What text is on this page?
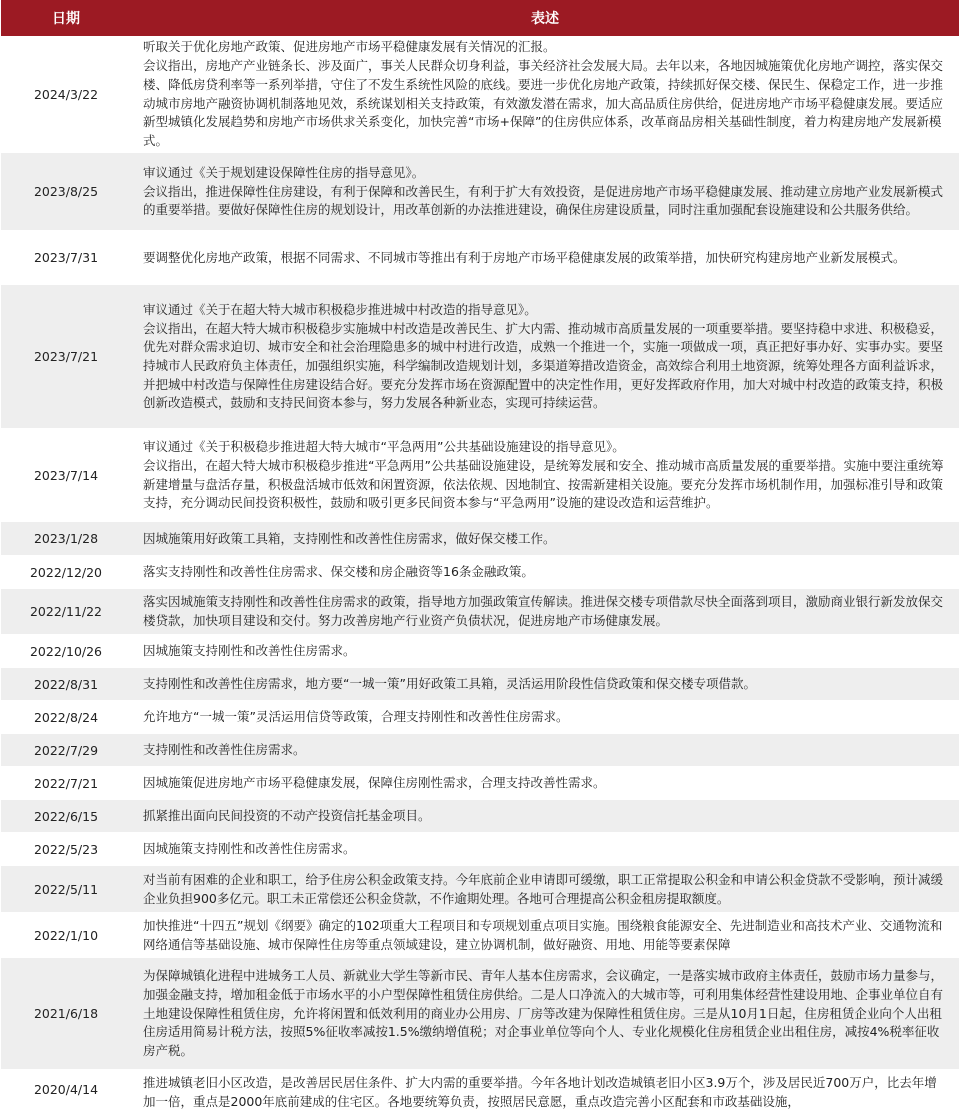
日期	表述
2024/3/22

听取关于优化房地产政策、促进房地产市场平稳健康发展有关情况的汇报。

会议指出，房地产产业链条长、涉及面广，事关人民群众切身利益，事关经济社会发展大局。去年以来，各地因城施策优化房地产调控，落实保交楼、降低房贷利率等一系列举措，守住了不发生系统性风险的底线。要进一步优化房地产政策，持续抓好保交楼、保民生、保稳定工作，进一步推动城市房地产融资协调机制落地见效，系统谋划相关支持政策，有效激发潜在需求，加大高品质住房供给，促进房地产市场平稳健康发展。要适应新型城镇化发展趋势和房地产市场供求关系变化，加快完善“市场+保障”的住房供应体系，改革商品房相关基础性制度，着力构建房地产发展新模式。

2023/8/25

审议通过《关于规划建设保障性住房的指导意见》。

会议指出，推进保障性住房建设，有利于保障和改善民生，有利于扩大有效投资，是促进房地产市场平稳健康发展、推动建立房地产业发展新模式的重要举措。要做好保障性住房的规划设计，用改革创新的办法推进建设，确保住房建设质量，同时注重加强配套设施建设和公共服务供给。

2023/7/31	要调整优化房地产政策，根据不同需求、不同城市等推出有利于房地产市场平稳健康发展的政策举措，加快研究构建房地产业新发展模式。

2023/7/21

审议通过《关于在超大特大城市积极稳步推进城中村改造的指导意见》。

会议指出，在超大特大城市积极稳步实施城中村改造是改善民生、扩大内需、推动城市高质量发展的一项重要举措。要坚持稳中求进、积极稳妥，优先对群众需求迫切、城市安全和社会治理隐患多的城中村进行改造，成熟一个推进一个，实施一项做成一项，真正把好事办好、实事办实。要坚持城市人民政府负主体责任，加强组织实施，科学编制改造规划计划，多渠道筹措改造资金，高效综合利用土地资源，统筹处理各方面利益诉求，并把城中村改造与保障性住房建设结合好。要充分发挥市场在资源配置中的决定性作用，更好发挥政府作用，加大对城中村改造的政策支持，积极创新改造模式，鼓励和支持民间资本参与，努力发展各种新业态，实现可持续运营。

2023/7/14

审议通过《关于积极稳步推进超大特大城市“平急两用”公共基础设施建设的指导意见》。

会议指出，在超大特大城市积极稳步推进“平急两用”公共基础设施建设，是统筹发展和安全、推动城市高质量发展的重要举措。实施中要注重统筹新建增量与盘活存量，积极盘活城市低效和闲置资源，依法依规、因地制宜、按需新建相关设施。要充分发挥市场机制作用，加强标准引导和政策支持，充分调动民间投资积极性，鼓励和吸引更多民间资本参与“平急两用”设施的建设改造和运营维护。

2023/1/28	因城施策用好政策工具箱，支持刚性和改善性住房需求，做好保交楼工作。

2022/12/20	落实支持刚性和改善性住房需求、保交楼和房企融资等16条金融政策。

2022/11/22

落实因城施策支持刚性和改善性住房需求的政策，指导地方加强政策宣传解读。推进保交楼专项借款尽快全面落到项目，激励商业银行新发放保交楼贷款，加快项目建设和交付。努力改善房地产行业资产负债状况，促进房地产市场健康发展。

2022/10/26	因城施策支持刚性和改善性住房需求。

2022/8/31	支持刚性和改善性住房需求，地方要“一城一策”用好政策工具箱，灵活运用阶段性信贷政策和保交楼专项借款。

2022/8/24	允许地方“一城一策”灵活运用信贷等政策，合理支持刚性和改善性住房需求。

2022/7/29	支持刚性和改善性住房需求。

2022/7/21	因城施策促进房地产市场平稳健康发展，保障住房刚性需求，合理支持改善性需求。

2022/6/15	抓紧推出面向民间投资的不动产投资信托基金项目。

2022/5/23	因城施策支持刚性和改善性住房需求。

2022/5/11

对当前有困难的企业和职工，给予住房公积金政策支持。今年底前企业申请即可缓缴，职工正常提取公积金和申请公积金贷款不受影响，预计减缓企业负担900多亿元。职工未正常偿还公积金贷款，不作逾期处理。各地可合理提高公积金租房提取额度。

2022/1/10

加快推进“十四五”规划《纲要》确定的102项重大工程项目和专项规划重点项目实施。围绕粮食能源安全、先进制造业和高技术产业、交通物流和网络通信等基础设施、城市保障性住房等重点领域建设，建立协调机制，做好融资、用地、用能等要素保障

2021/6/18

为保障城镇化进程中进城务工人员、新就业大学生等新市民、青年人基本住房需求，会议确定，一是落实城市政府主体责任，鼓励市场力量参与，加强金融支持，增加租金低于市场水平的小户型保障性租赁住房供给。二是人口净流入的大城市等，可利用集体经营性建设用地、企事业单位自有土地建设保障性租赁住房，允许将闲置和低效利用的商业办公用房、厂房等改建为保障性租赁住房。三是从10月1日起，住房租赁企业向个人出租住房适用简易计税方法，按照5%征收率减按1.5%缴纳增值税；对企事业单位等向个人、专业化规模化住房租赁企业出租住房，减按4%税率征收房产税。

2020/4/14	推进城镇老旧小区改造，是改善居民居住条件、扩大内需的重要举措。今年各地计划改造城镇老旧小区3.9万个，涉及居民近700万户，比去年增加一倍，重点是2000年底前建成的住宅区。各地要统筹负责，按照居民意愿，重点改造完善小区配套和市政基础设施，
